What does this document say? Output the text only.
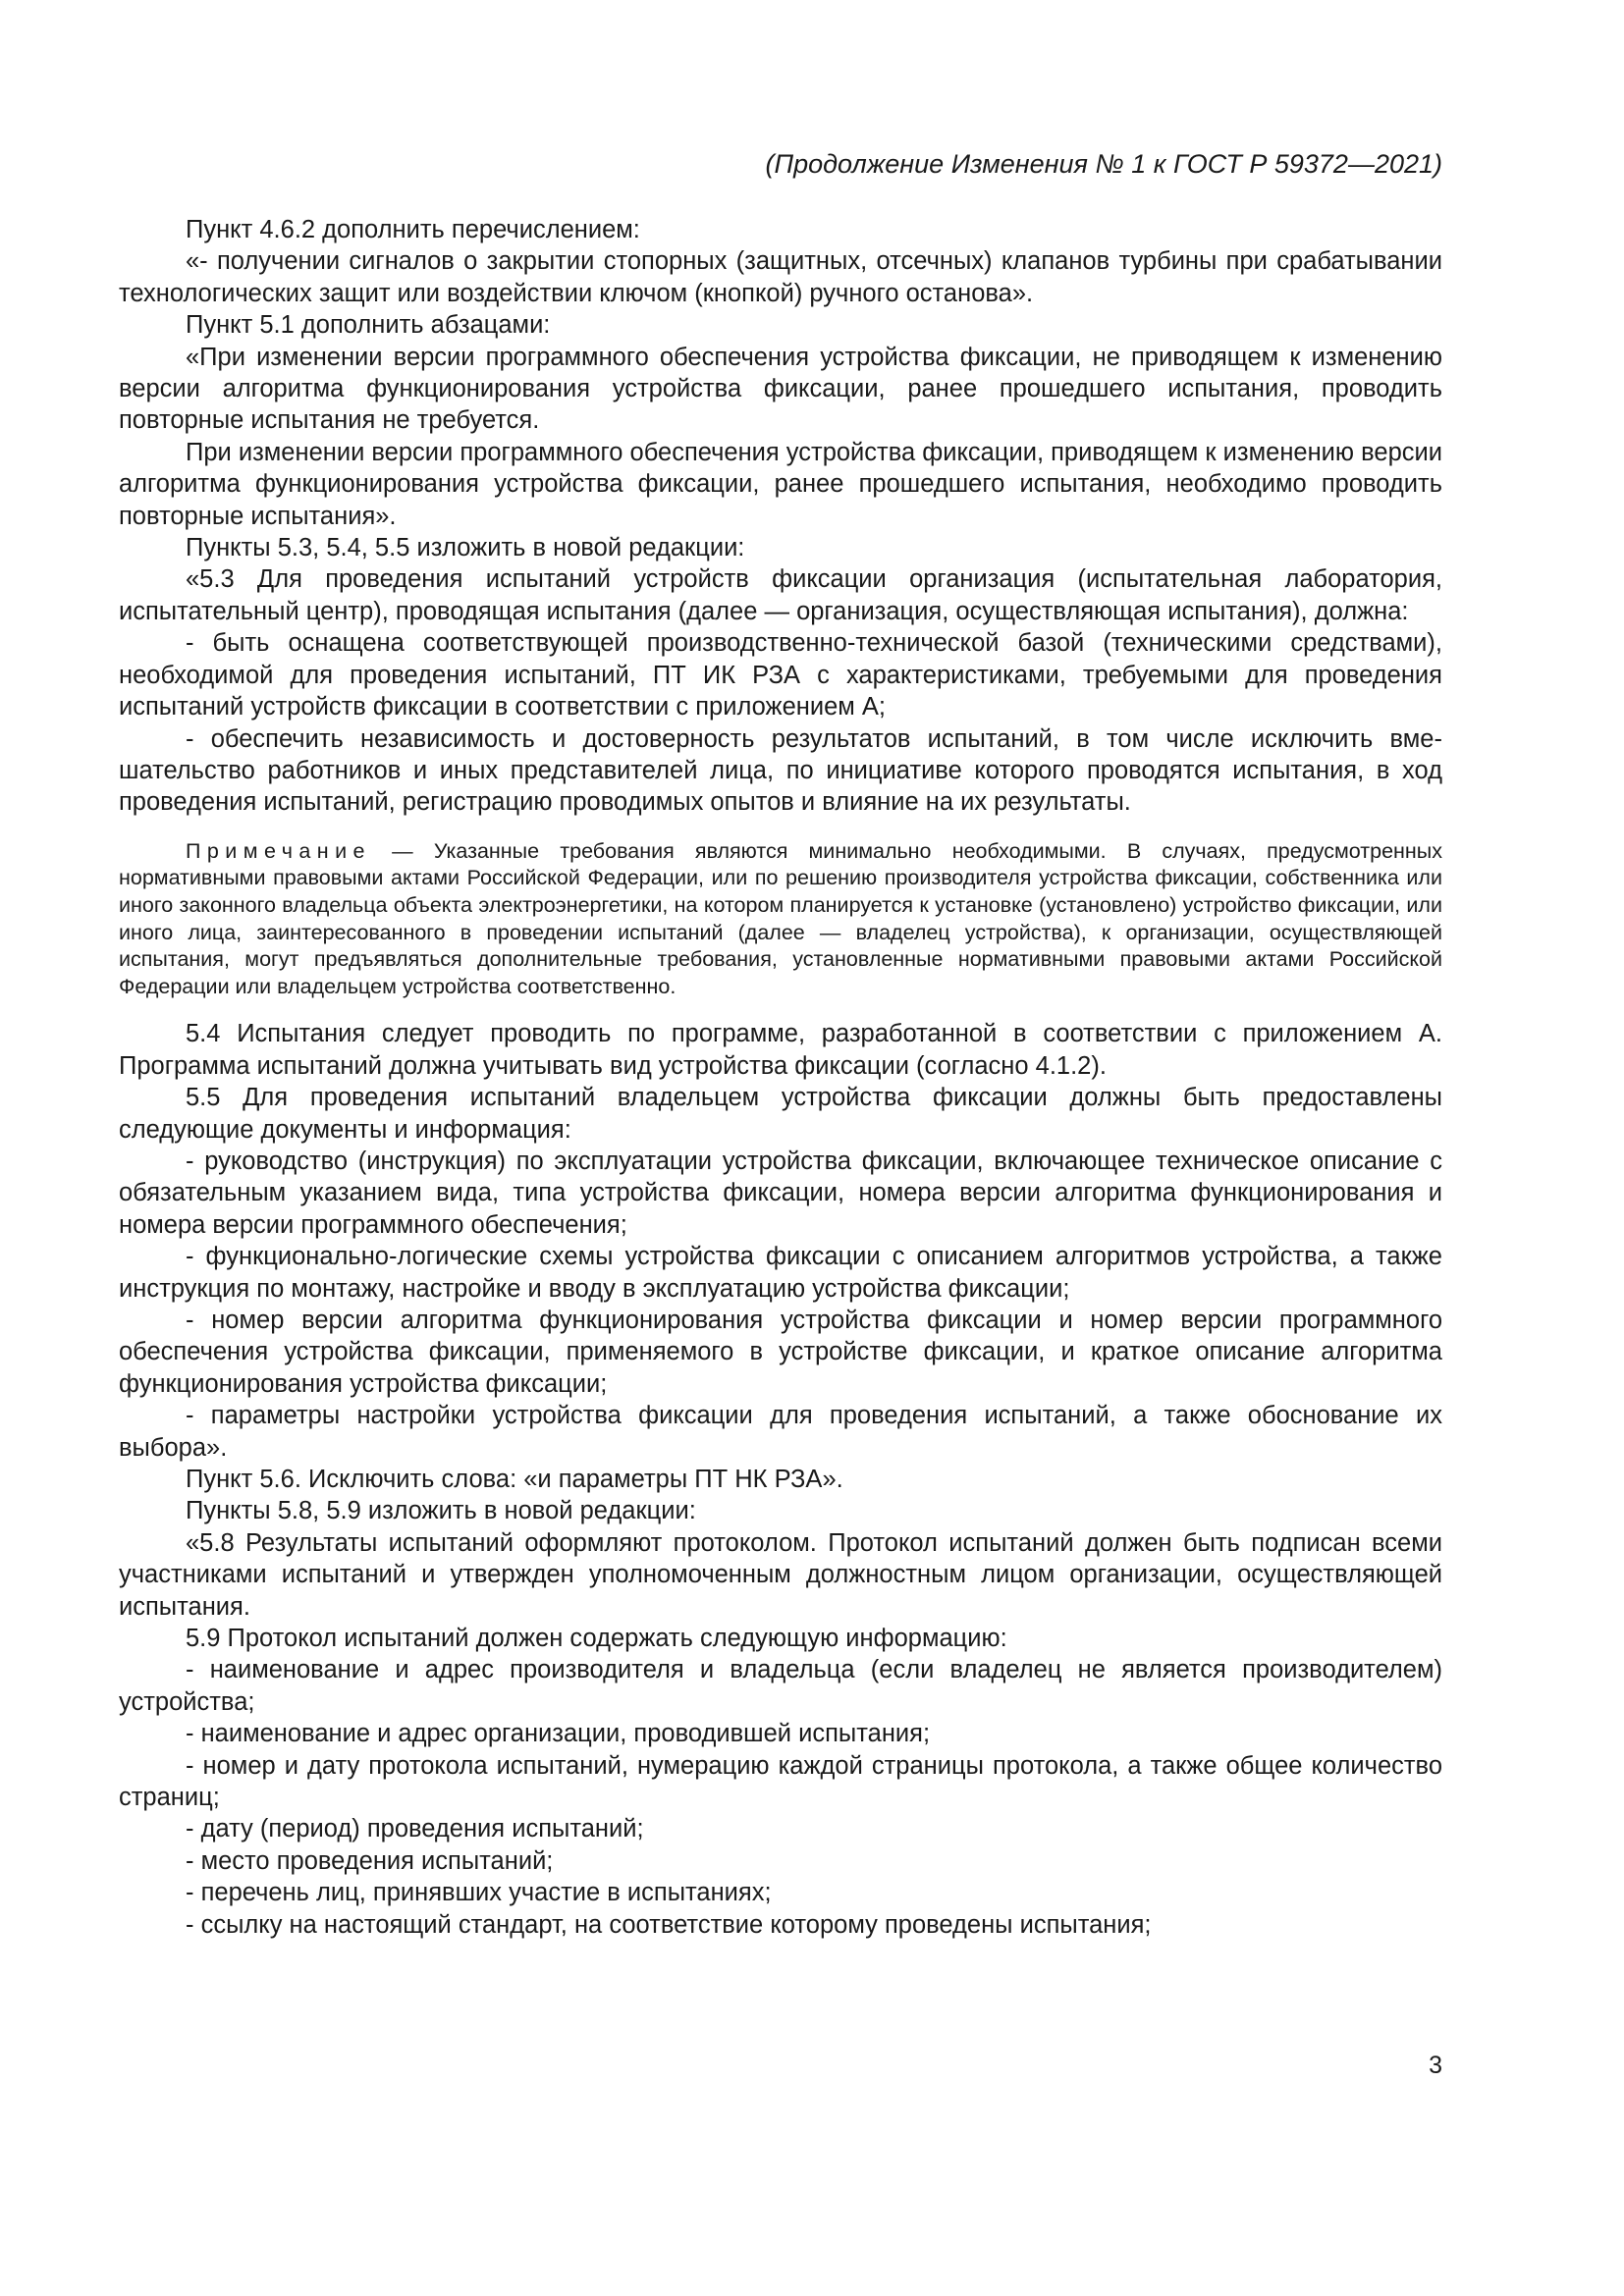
(Продолжение Изменения № 1 к ГОСТ Р 59372—2021)

Пункт 4.6.2 дополнить перечислением:

«- получении сигналов о закрытии стопорных (защитных, отсечных) клапанов турбины при срабатывании технологических защит или воздействии ключом (кнопкой) ручного останова».

Пункт 5.1 дополнить абзацами:

«При изменении версии программного обеспечения устройства фиксации, не приводящем к изменению версии алгоритма функционирования устройства фиксации, ранее прошедшего испытания, проводить повторные испытания не требуется.

При изменении версии программного обеспечения устройства фиксации, приводящем к изменению версии алгоритма функционирования устройства фиксации, ранее прошедшего испытания, необходимо проводить повторные испытания».

Пункты 5.3, 5.4, 5.5 изложить в новой редакции:

«5.3 Для проведения испытаний устройств фиксации организация (испытательная лаборатория, испытательный центр), проводящая испытания (далее — организация, осуществляющая испытания), должна:

- быть оснащена соответствующей производственно-технической базой (техническими средствами), необходимой для проведения испытаний, ПТ ИК РЗА с характеристиками, требуемыми для проведения испытаний устройств фиксации в соответствии с приложением А;

- обеспечить независимость и достоверность результатов испытаний, в том числе исключить вмешательство работников и иных представителей лица, по инициативе которого проводятся испытания, в ход проведения испытаний, регистрацию проводимых опытов и влияние на их результаты.

Примечание — Указанные требования являются минимально необходимыми. В случаях, предусмотренных нормативными правовыми актами Российской Федерации, или по решению производителя устройства фиксации, собственника или иного законного владельца объекта электроэнергетики, на котором планируется к установке (установлено) устройство фиксации, или иного лица, заинтересованного в проведении испытаний (далее — владелец устройства), к организации, осуществляющей испытания, могут предъявляться дополнительные требования, установленные нормативными правовыми актами Российской Федерации или владельцем устройства соответственно.

5.4 Испытания следует проводить по программе, разработанной в соответствии с приложением А. Программа испытаний должна учитывать вид устройства фиксации (согласно 4.1.2).

5.5 Для проведения испытаний владельцем устройства фиксации должны быть предоставлены следующие документы и информация:

- руководство (инструкция) по эксплуатации устройства фиксации, включающее техническое описание с обязательным указанием вида, типа устройства фиксации, номера версии алгоритма функционирования и номера версии программного обеспечения;

- функционально-логические схемы устройства фиксации с описанием алгоритмов устройства, а также инструкция по монтажу, настройке и вводу в эксплуатацию устройства фиксации;

- номер версии алгоритма функционирования устройства фиксации и номер версии программного обеспечения устройства фиксации, применяемого в устройстве фиксации, и краткое описание алгоритма функционирования устройства фиксации;

- параметры настройки устройства фиксации для проведения испытаний, а также обоснование их выбора».

Пункт 5.6. Исключить слова: «и параметры ПТ НК РЗА».

Пункты 5.8, 5.9 изложить в новой редакции:

«5.8 Результаты испытаний оформляют протоколом. Протокол испытаний должен быть подписан всеми участниками испытаний и утвержден уполномоченным должностным лицом организации, осуществляющей испытания.

5.9 Протокол испытаний должен содержать следующую информацию:

- наименование и адрес производителя и владельца (если владелец не является производителем) устройства;

- наименование и адрес организации, проводившей испытания;

- номер и дату протокола испытаний, нумерацию каждой страницы протокола, а также общее количество страниц;

- дату (период) проведения испытаний;

- место проведения испытаний;

- перечень лиц, принявших участие в испытаниях;

- ссылку на настоящий стандарт, на соответствие которому проведены испытания;

3
